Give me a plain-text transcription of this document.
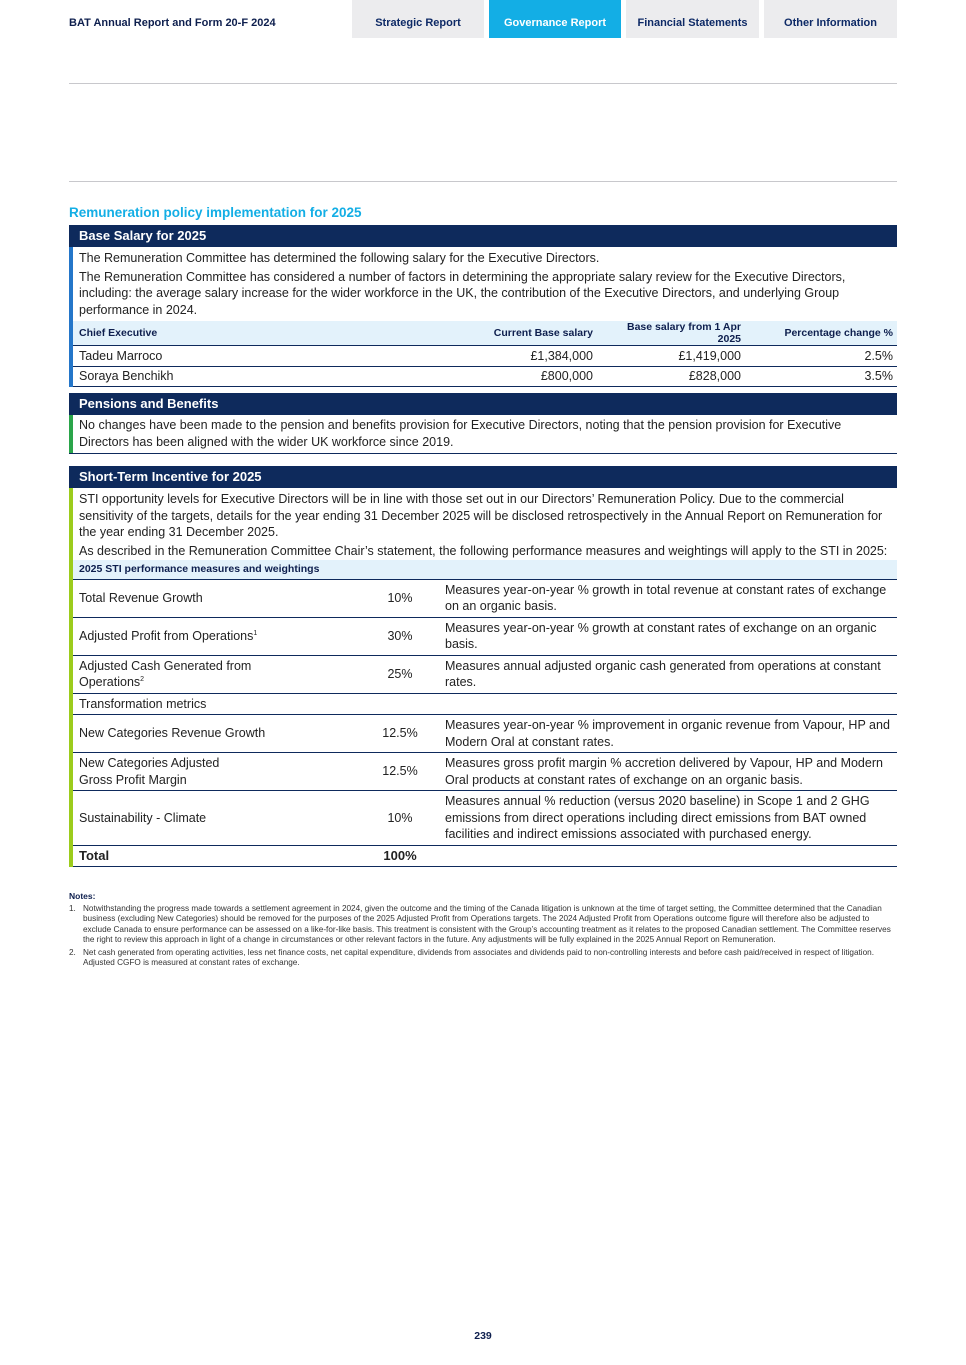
BAT Annual Report and Form 20-F 2024	Strategic Report	Governance Report	Financial Statements	Other Information
Remuneration policy implementation for 2025
Base Salary for 2025

The Remuneration Committee has determined the following salary for the Executive Directors.

The Remuneration Committee has considered a number of factors in determining the appropriate salary review for the Executive Directors, including: the average salary increase for the wider workforce in the UK, the contribution of the Executive Directors, and underlying Group performance in 2024.

Chief Executive	Current Base salary	Base salary from 1 Apr 2025	Percentage change %
Tadeu Marroco	£1,384,000	£1,419,000	2.5%
Soraya Benchikh	£800,000	£828,000	3.5%
Pensions and Benefits

No changes have been made to the pension and benefits provision for Executive Directors, noting that the pension provision for Executive Directors has been aligned with the wider UK workforce since 2019.

Short-Term Incentive for 2025

STI opportunity levels for Executive Directors will be in line with those set out in our Directors’ Remuneration Policy. Due to the commercial sensitivity of the targets, details for the year ending 31 December 2025 will be disclosed retrospectively in the Annual Report on Remuneration for the year ending 31 December 2025.

As described in the Remuneration Committee Chair’s statement, the following performance measures and weightings will apply to the STI in 2025:

2025 STI performance measures and weightings		
Total Revenue Growth	10%	Measures year-on-year % growth in total revenue at constant rates of exchange on an organic basis.
Adjusted Profit from Operations$^1$	30%	Measures year-on-year % growth at constant rates of exchange on an organic basis.
Adjusted Cash Generated from Operations$^2$	25%	Measures annual adjusted organic cash generated from operations at constant rates.
Transformation metrics		
New Categories Revenue Growth	12.5%	Measures year-on-year % improvement in organic revenue from Vapour, HP and Modern Oral at constant rates.
New Categories Adjusted Gross Profit Margin	12.5%	Measures gross profit margin % accretion delivered by Vapour, HP and Modern Oral products at constant rates of exchange on an organic basis.
Sustainability - Climate	10%	Measures annual % reduction (versus 2020 baseline) in Scope 1 and 2 GHG emissions from direct operations including direct emissions from BAT owned facilities and indirect emissions associated with purchased energy.
Total	100%	
Notes:
1. Notwithstanding the progress made towards a settlement agreement in 2024, given the outcome and the timing of the Canada litigation is unknown at the time of target setting, the Committee determined that the Canadian business (excluding New Categories) should be removed for the purposes of the 2025 Adjusted Profit from Operations targets. The 2024 Adjusted Profit from Operations outcome figure will therefore also be adjusted to exclude Canada to ensure performance can be assessed on a like-for-like basis. This treatment is consistent with the Group’s accounting treatment as it relates to the proposed Canadian settlement. The Committee reserves the right to review this approach in light of a change in circumstances or other relevant factors in the future. Any adjustments will be fully explained in the 2025 Annual Report on Remuneration.
2. Net cash generated from operating activities, less net finance costs, net capital expenditure, dividends from associates and dividends paid to non-controlling interests and before cash paid/received in respect of litigation. Adjusted CGFO is measured at constant rates of exchange.
239
